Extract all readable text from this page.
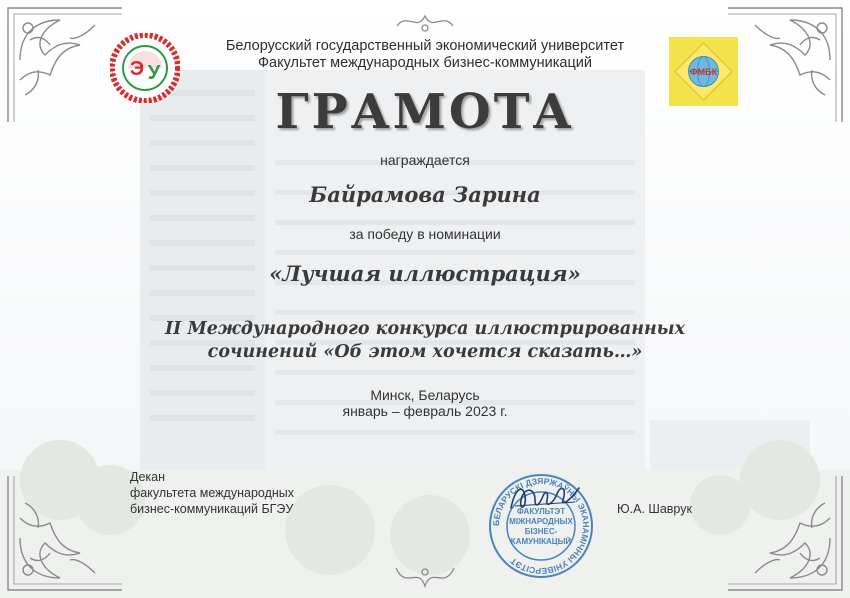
Э У	ФМБК
Белорусский государственный экономический университет
Факультет международных бизнес-коммуникаций
ГРАМОТА
награждается
Байрамова Зарина
за победу в номинации
«Лучшая иллюстрация»
II Международного конкурса иллюстрированных
сочинений «Об этом хочется сказать…»
Минск, Беларусь
январь – февраль 2023 г.
Декан
факультета международных
бизнес-коммуникаций БГЭУ
БЕЛАРУСКІ ДЗЯРЖАЎНЫ ЭКАНАМІЧНЫ УНІВЕРСІТЭТ
ФАКУЛЬТЭТ
МІЖНАРОДНЫХ
БІЗНЕС-
КАМУНІКАЦЫЙ
Ю.А. Шаврук
